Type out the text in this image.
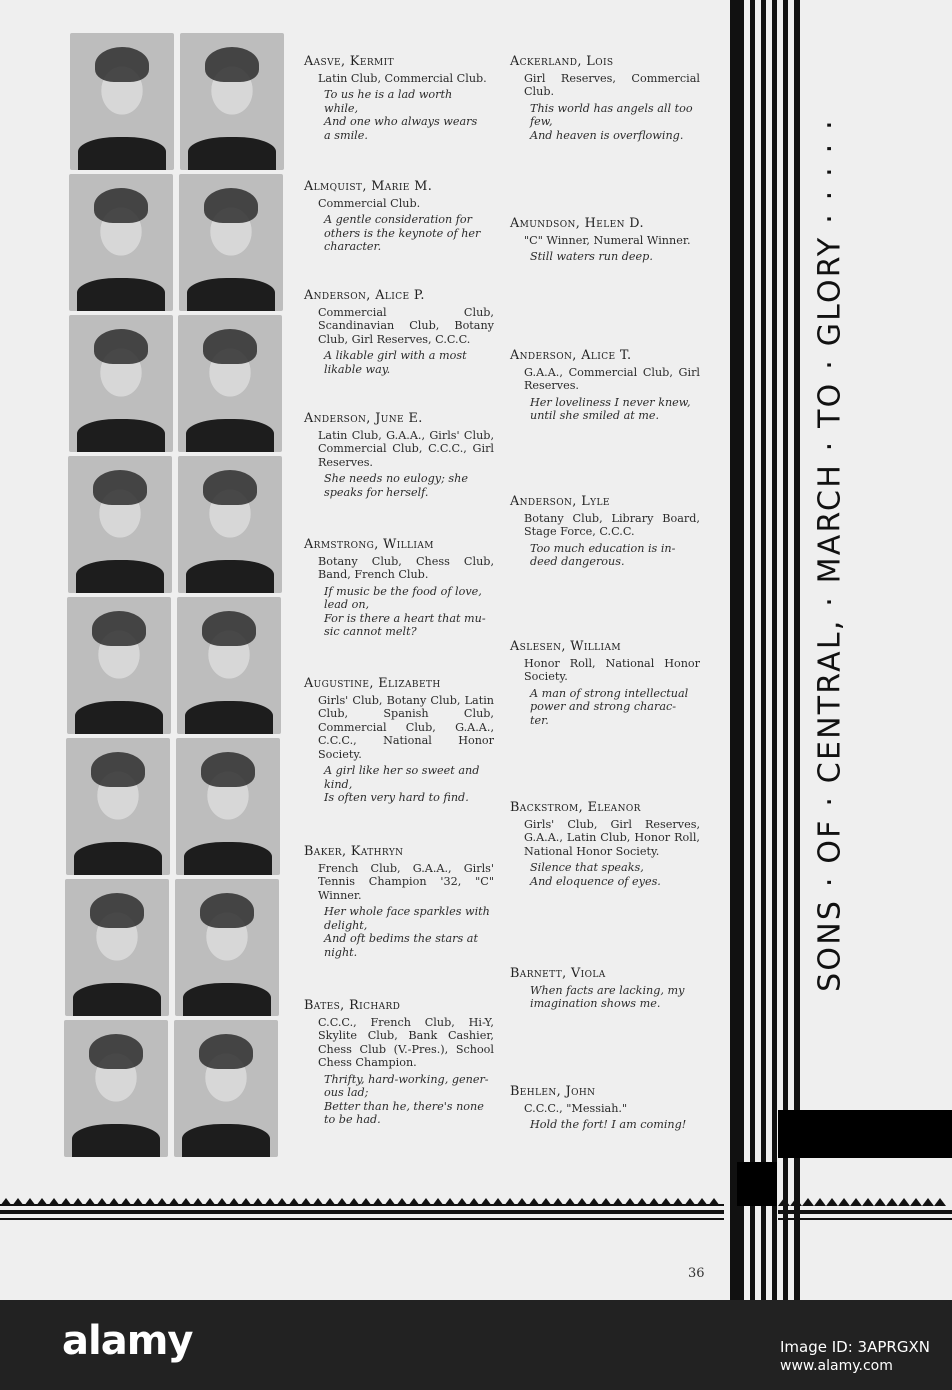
Aasve, Kermit
Latin Club, Commercial Club.
To us he is a lad worth
while,
And one who always wears
a smile.
Almquist, Marie M.
Commercial Club.
A gentle consideration for
others is the keynote of her
character.
Anderson, Alice P.
Commercial Club, Scandinavian Club, Botany Club, Girl Reserves, C.C.C.
A likable girl with a most
likable way.
Anderson, June E.
Latin Club, G.A.A., Girls' Club, Commercial Club, C.C.C., Girl Reserves.
She needs no eulogy; she
speaks for herself.
Armstrong, William
Botany Club, Chess Club, Band, French Club.
If music be the food of love,
lead on,
For is there a heart that mu-
sic cannot melt?
Augustine, Elizabeth
Girls' Club, Botany Club, Latin Club, Spanish Club, Commercial Club, G.A.A., C.C.C., National Honor Society.
A girl like her so sweet and
kind,
Is often very hard to find.
Baker, Kathryn
French Club, G.A.A., Girls' Tennis Champion '32, "C" Winner.
Her whole face sparkles with
delight,
And oft bedims the stars at
night.
Bates, Richard
C.C.C., French Club, Hi-Y, Skylite Club, Bank Cashier, Chess Club (V.-Pres.), School Chess Champion.
Thrifty, hard-working, gener-
ous lad;
Better than he, there's none
to be had.
Ackerland, Lois
Girl Reserves, Commercial Club.
This world has angels all too
few,
And heaven is overflowing.
Amundson, Helen D.
"C" Winner, Numeral Winner.
Still waters run deep.
Anderson, Alice T.
G.A.A., Commercial Club, Girl Reserves.
Her loveliness I never knew,
until she smiled at me.
Anderson, Lyle
Botany Club, Library Board, Stage Force, C.C.C.
Too much education is in-
deed dangerous.
Aslesen, William
Honor Roll, National Honor Society.
A man of strong intellectual
power and strong charac-
ter.
Backstrom, Eleanor
Girls' Club, Girl Reserves, G.A.A., Latin Club, Honor Roll, National Honor Society.
Silence that speaks,
And eloquence of eyes.
Barnett, Viola
When facts are lacking, my
imagination shows me.
Behlen, John
C.C.C., "Messiah."
Hold the fort! I am coming!
SONS · OF · CENTRAL, · MARCH · TO · GLORY · · · · ·
36
alamy	Image ID: 3APRGXN
www.alamy.com
